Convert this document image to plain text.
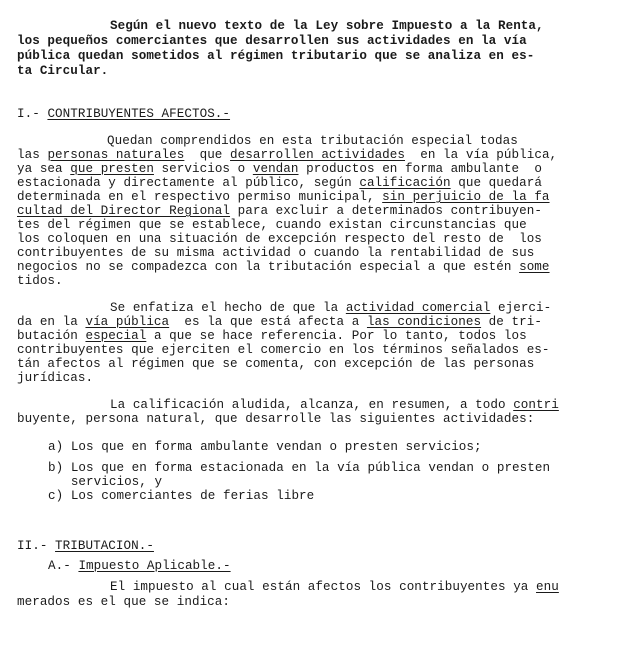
Según el nuevo texto de la Ley sobre Impuesto a la Renta,
los pequeños comerciantes que desarrollen sus actividades en la vía
pública quedan sometidos al régimen tributario que se analiza en es-
ta Circular.
I.- CONTRIBUYENTES AFECTOS.-
Quedan comprendidos en esta tributación especial todas
las personas naturales  que desarrollen actividades  en la vía pública,
ya sea que presten servicios o vendan productos en forma ambulante  o
estacionada y directamente al público, según calificación que quedará
determinada en el respectivo permiso municipal, sin perjuicio de la fa
cultad del Director Regional para excluir a determinados contribuyen-
tes del régimen que se establece, cuando existan circunstancias que
los coloquen en una situación de excepción respecto del resto de  los
contribuyentes de su misma actividad o cuando la rentabilidad de sus
negocios no se compadezca con la tributación especial a que estén some
tidos.
Se enfatiza el hecho de que la actividad comercial ejerci-
da en la vía pública  es la que está afecta a las condiciones de tri-
butación especial a que se hace referencia. Por lo tanto, todos los
contribuyentes que ejerciten el comercio en los términos señalados es-
tán afectos al régimen que se comenta, con excepción de las personas
jurídicas.
La calificación aludida, alcanza, en resumen, a todo contri
buyente, persona natural, que desarrolle las siguientes actividades:
a) Los que en forma ambulante vendan o presten servicios;
b) Los que en forma estacionada en la vía pública vendan o presten
servicios, y
c) Los comerciantes de ferias libre
II.- TRIBUTACION.-
A.- Impuesto Aplicable.-
El impuesto al cual están afectos los contribuyentes ya enu
merados es el que se indica:
